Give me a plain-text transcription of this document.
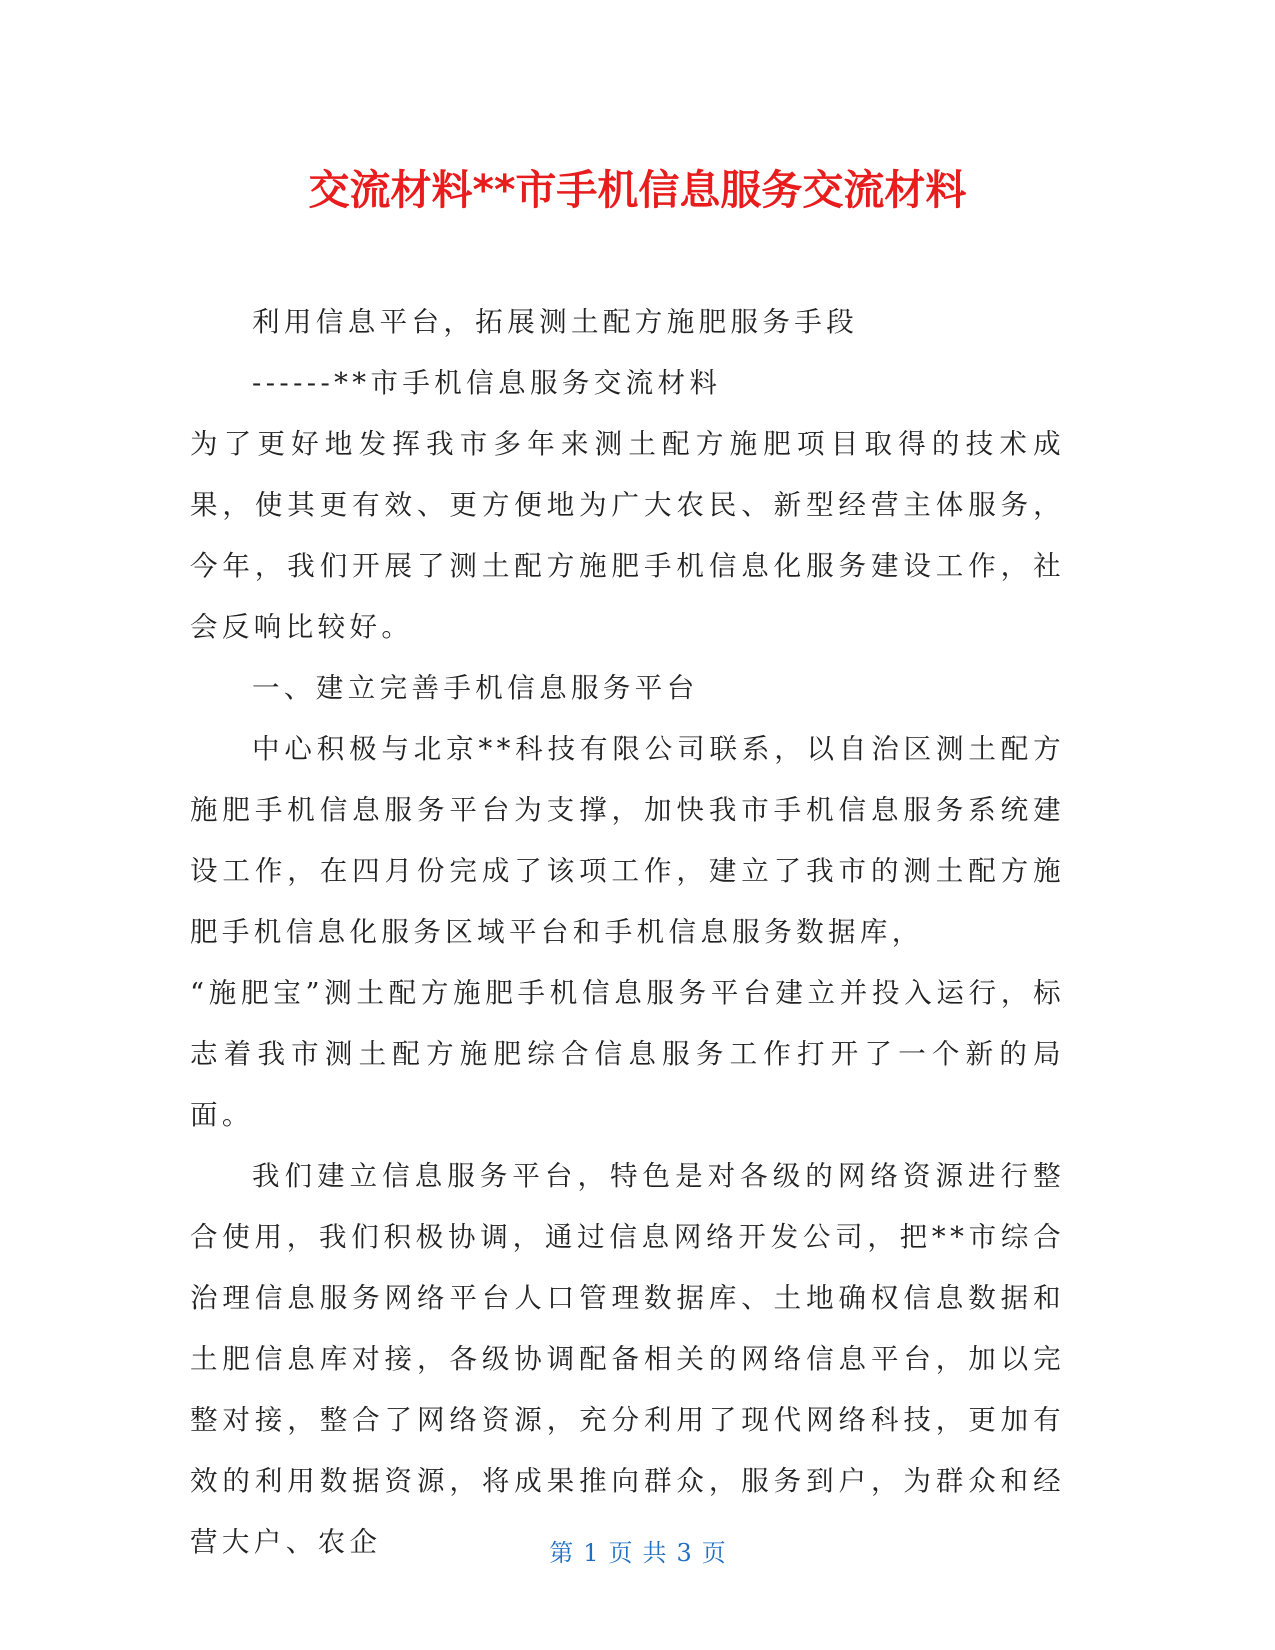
交流材料**市手机信息服务交流材料

利用信息平台，拓展测土配方施肥服务手段

------**市手机信息服务交流材料

为了更好地发挥我市多年来测土配方施肥项目取得的技术成果，使其更有效、更方便地为广大农民、新型经营主体服务，今年，我们开展了测土配方施肥手机信息化服务建设工作，社会反响比较好。

一、建立完善手机信息服务平台

中心积极与北京**科技有限公司联系，以自治区测土配方施肥手机信息服务平台为支撑，加快我市手机信息服务系统建设工作，在四月份完成了该项工作，建立了我市的测土配方施肥手机信息化服务区域平台和手机信息服务数据库，

“施肥宝”测土配方施肥手机信息服务平台建立并投入运行，标志着我市测土配方施肥综合信息服务工作打开了一个新的局面。

我们建立信息服务平台，特色是对各级的网络资源进行整合使用，我们积极协调，通过信息网络开发公司，把**市综合治理信息服务网络平台人口管理数据库、土地确权信息数据和土肥信息库对接，各级协调配备相关的网络信息平台，加以完整对接，整合了网络资源，充分利用了现代网络科技，更加有效的利用数据资源，将成果推向群众，服务到户，为群众和经营大户、农企	第 1 页 共 3 页
